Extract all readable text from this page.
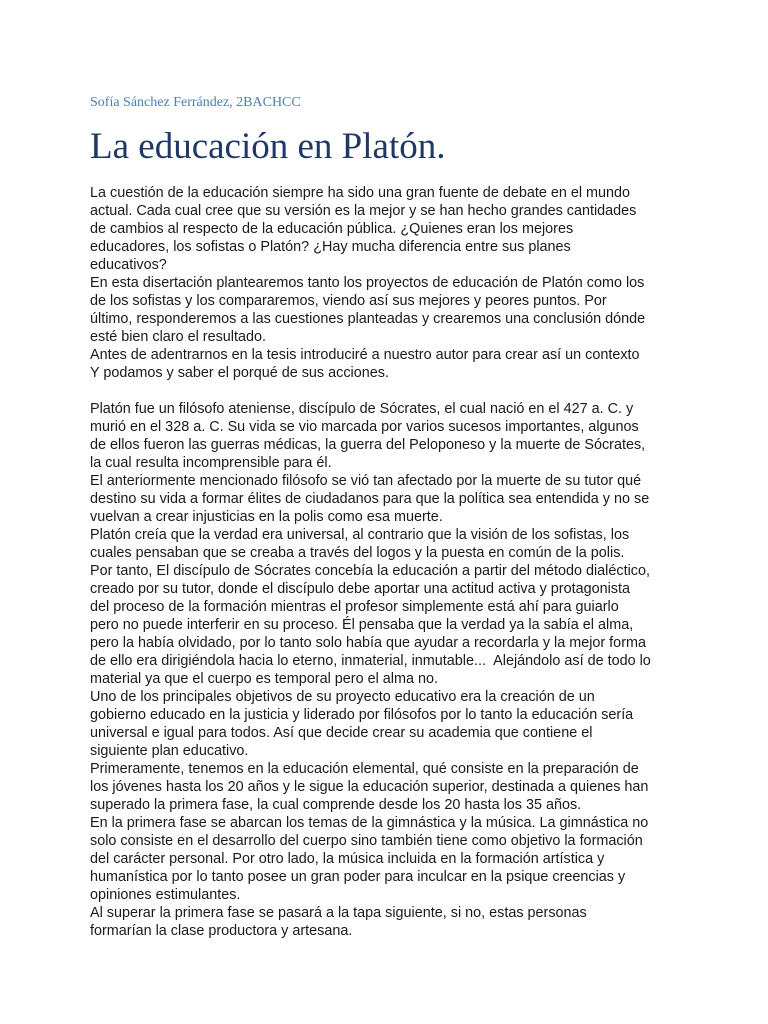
Sofía Sánchez Ferrández, 2BACHCC

La educación en Platón.
La cuestión de la educación siempre ha sido una gran fuente de debate en el mundo
actual. Cada cual cree que su versión es la mejor y se han hecho grandes cantidades
de cambios al respecto de la educación pública. ¿Quienes eran los mejores
educadores, los sofistas o Platón? ¿Hay mucha diferencia entre sus planes
educativos?
En esta disertación plantearemos tanto los proyectos de educación de Platón como los
de los sofistas y los compararemos, viendo así sus mejores y peores puntos. Por
último, responderemos a las cuestiones planteadas y crearemos una conclusión dónde
esté bien claro el resultado.
Antes de adentrarnos en la tesis introduciré a nuestro autor para crear así un contexto
Y podamos y saber el porqué de sus acciones.
Platón fue un filósofo ateniense, discípulo de Sócrates, el cual nació en el 427 a. C. y
murió en el 328 a. C. Su vida se vio marcada por varios sucesos importantes, algunos
de ellos fueron las guerras médicas, la guerra del Peloponeso y la muerte de Sócrates,
la cual resulta incomprensible para él.
El anteriormente mencionado filósofo se vió tan afectado por la muerte de su tutor qué
destino su vida a formar élites de ciudadanos para que la política sea entendida y no se
vuelvan a crear injusticias en la polis como esa muerte.
Platón creía que la verdad era universal, al contrario que la visión de los sofistas, los
cuales pensaban que se creaba a través del logos y la puesta en común de la polis.
Por tanto, El discípulo de Sócrates concebía la educación a partir del método dialéctico,
creado por su tutor, donde el discípulo debe aportar una actitud activa y protagonista
del proceso de la formación mientras el profesor simplemente está ahí para guiarlo
pero no puede interferir en su proceso. Él pensaba que la verdad ya la sabía el alma,
pero la había olvidado, por lo tanto solo había que ayudar a recordarla y la mejor forma
de ello era dirigiéndola hacia lo eterno, inmaterial, inmutable...  Alejándolo así de todo lo
material ya que el cuerpo es temporal pero el alma no.
Uno de los principales objetivos de su proyecto educativo era la creación de un
gobierno educado en la justicia y liderado por filósofos por lo tanto la educación sería
universal e igual para todos. Así que decide crear su academia que contiene el
siguiente plan educativo.
Primeramente, tenemos en la educación elemental, qué consiste en la preparación de
los jóvenes hasta los 20 años y le sigue la educación superior, destinada a quienes han
superado la primera fase, la cual comprende desde los 20 hasta los 35 años.
En la primera fase se abarcan los temas de la gimnástica y la música. La gimnástica no
solo consiste en el desarrollo del cuerpo sino también tiene como objetivo la formación
del carácter personal. Por otro lado, la música incluida en la formación artística y
humanística por lo tanto posee un gran poder para inculcar en la psique creencias y
opiniones estimulantes.
Al superar la primera fase se pasará a la tapa siguiente, si no, estas personas
formarían la clase productora y artesana.
